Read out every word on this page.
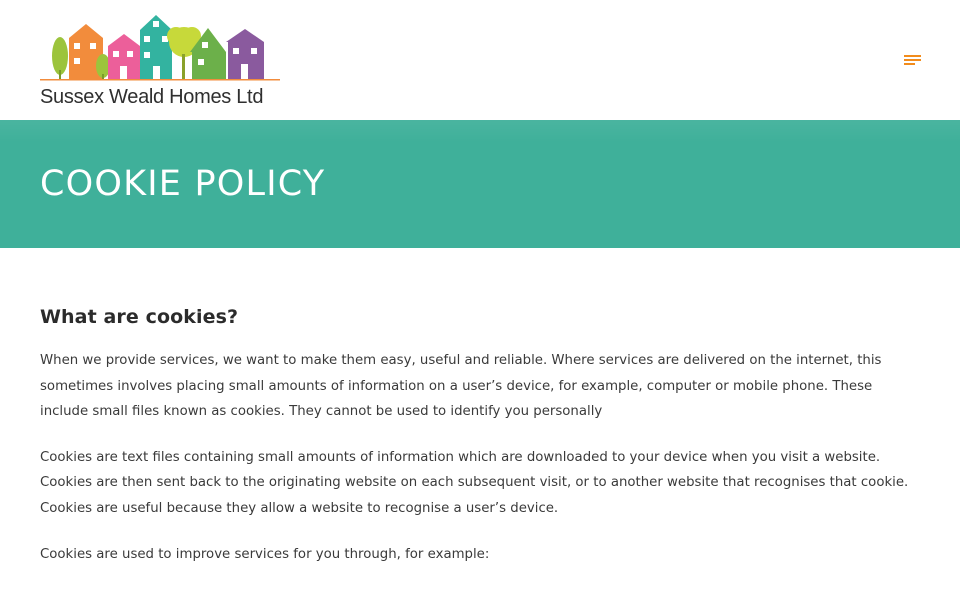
Sussex Weald Homes Ltd
COOKIE POLICY
What are cookies?

When we provide services, we want to make them easy, useful and reliable. Where services are delivered on the internet, this sometimes involves placing small amounts of information on a user’s device, for example, computer or mobile phone. These include small files known as cookies. They cannot be used to identify you personally

Cookies are text files containing small amounts of information which are downloaded to your device when you visit a website. Cookies are then sent back to the originating website on each subsequent visit, or to another website that recognises that cookie. Cookies are useful because they allow a website to recognise a user’s device.

Cookies are used to improve services for you through, for example:
